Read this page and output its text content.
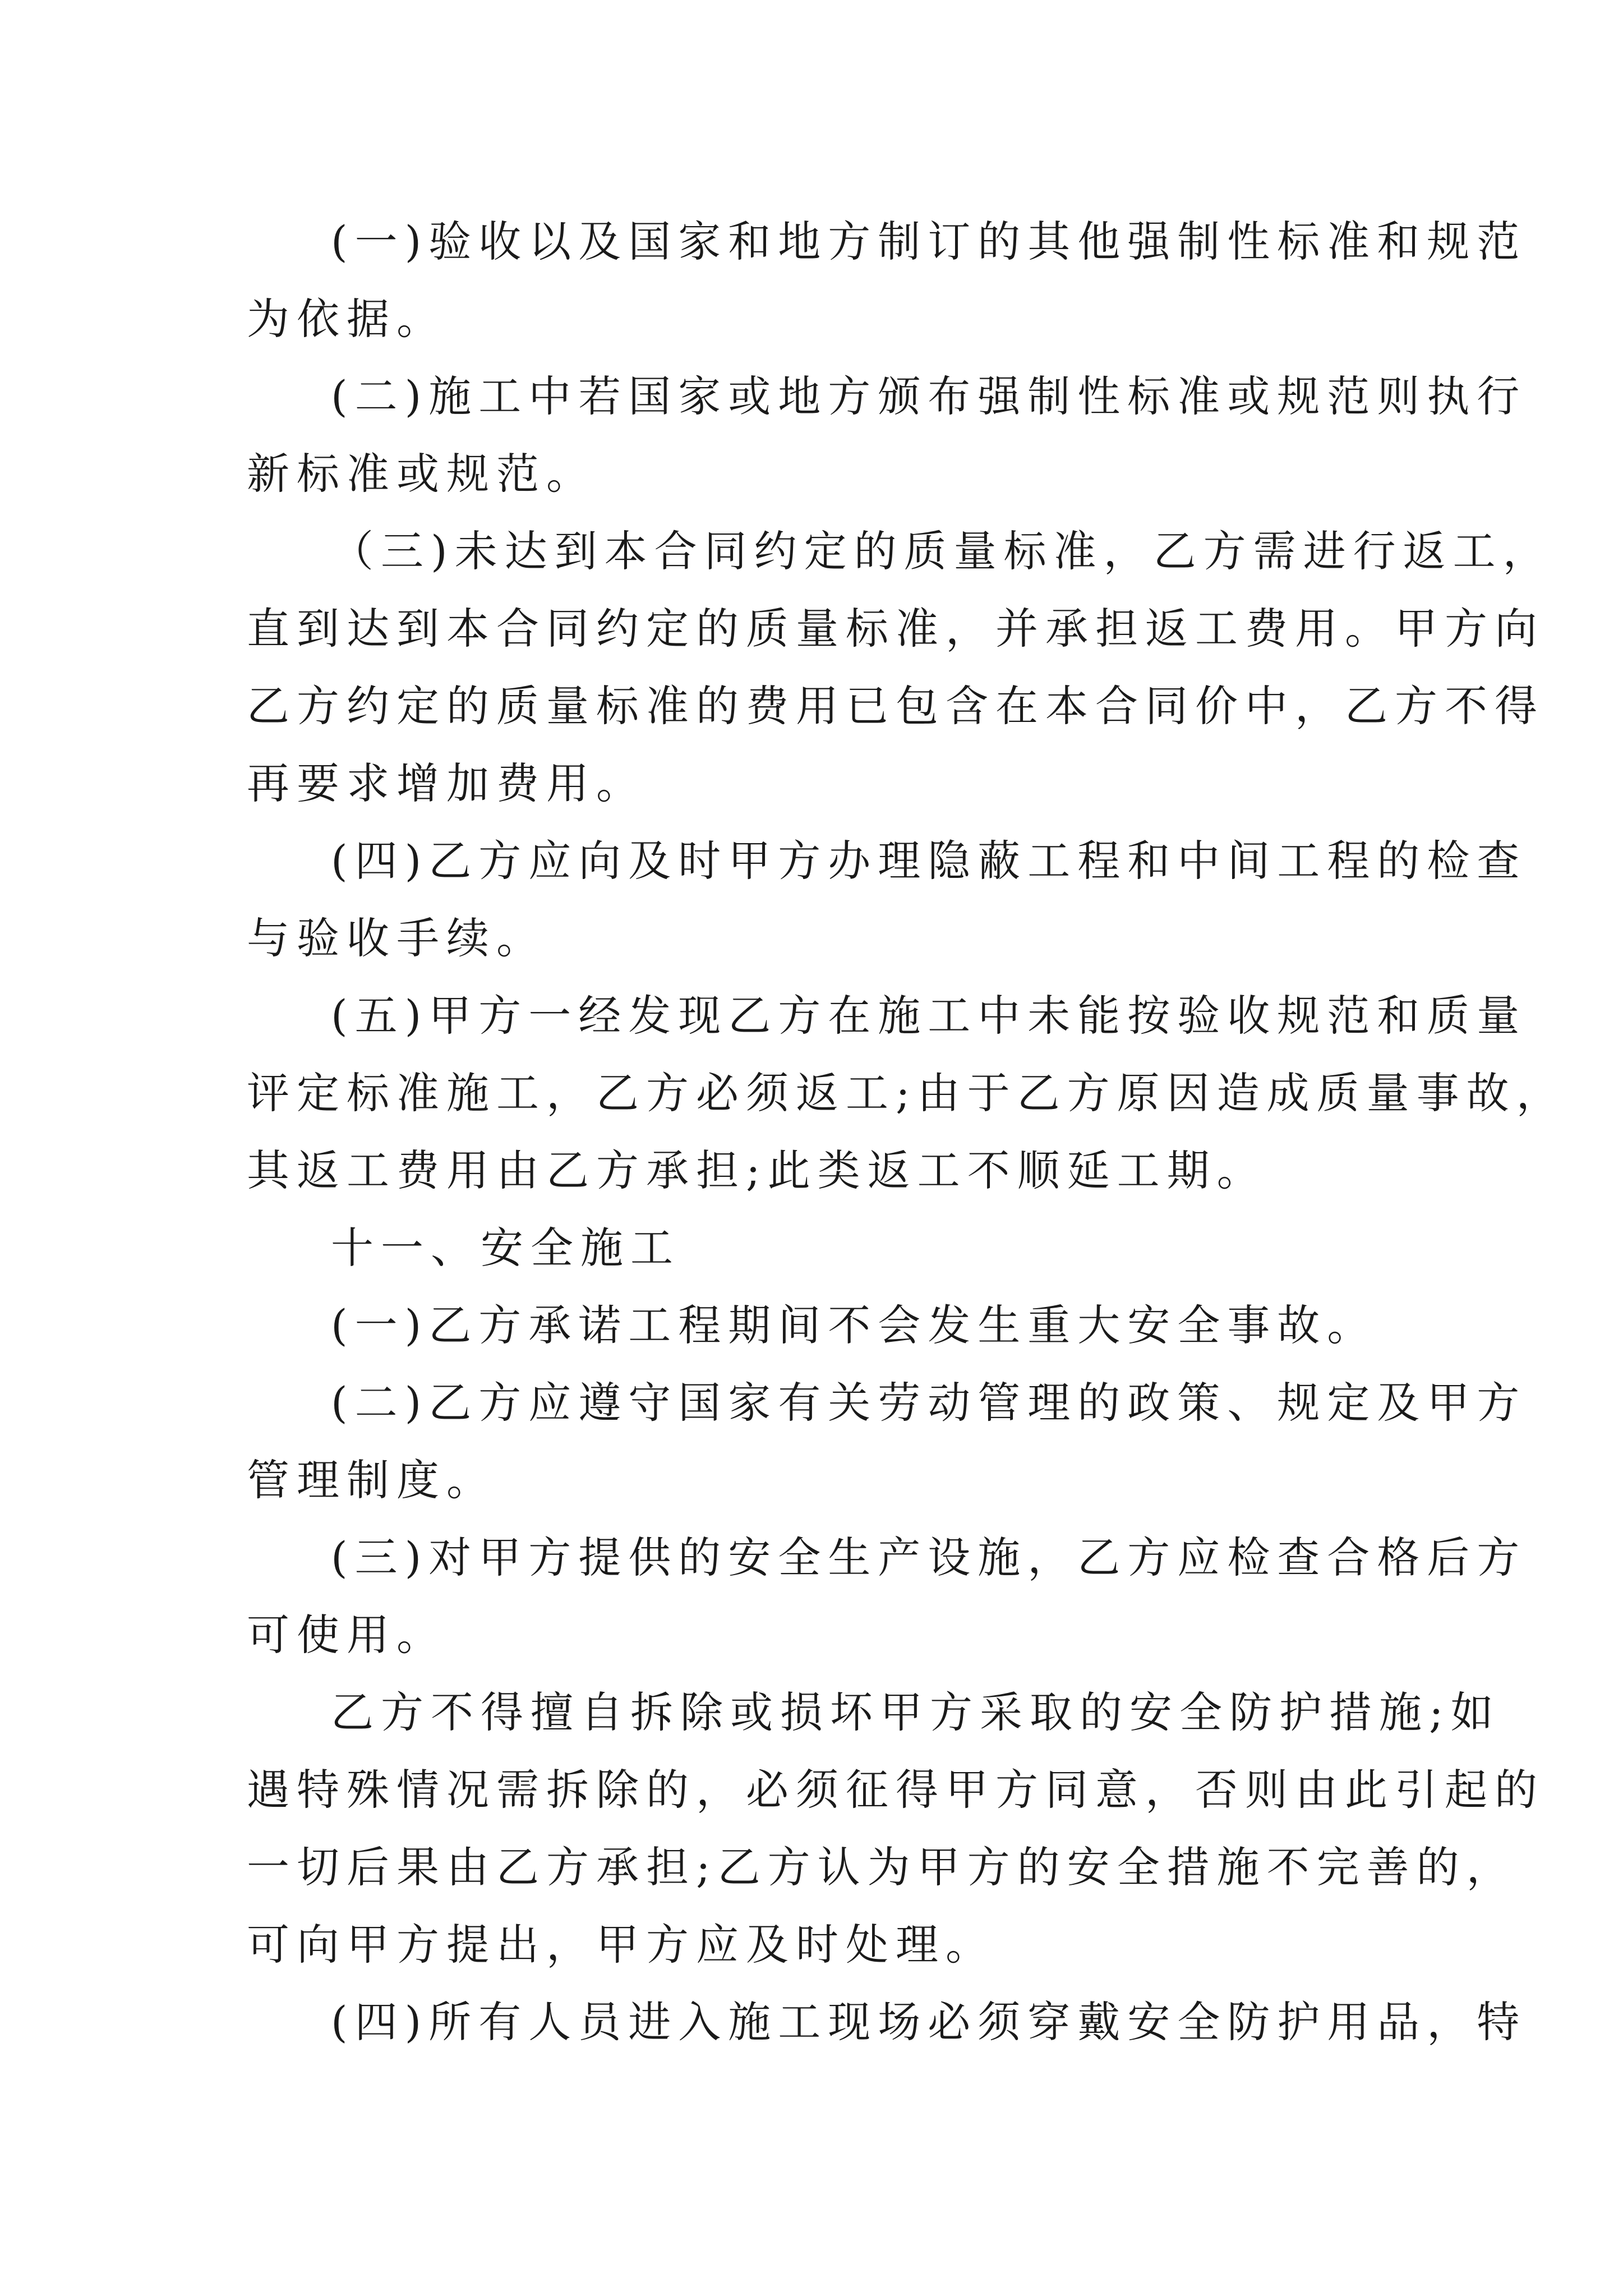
(一)验收以及国家和地方制订的其他强制性标准和规范
为依据。
(二)施工中若国家或地方颁布强制性标准或规范则执行
新标准或规范。
（三)未达到本合同约定的质量标准，乙方需进行返工，
直到达到本合同约定的质量标准，并承担返工费用。甲方向
乙方约定的质量标准的费用已包含在本合同价中，乙方不得
再要求增加费用。
(四)乙方应向及时甲方办理隐蔽工程和中间工程的检查
与验收手续。
(五)甲方一经发现乙方在施工中未能按验收规范和质量
评定标准施工，乙方必须返工;由于乙方原因造成质量事故，
其返工费用由乙方承担;此类返工不顺延工期。
十一、安全施工
(一)乙方承诺工程期间不会发生重大安全事故。
(二)乙方应遵守国家有关劳动管理的政策、规定及甲方
管理制度。
(三)对甲方提供的安全生产设施，乙方应检查合格后方
可使用。
乙方不得擅自拆除或损坏甲方采取的安全防护措施;如
遇特殊情况需拆除的，必须征得甲方同意，否则由此引起的
一切后果由乙方承担;乙方认为甲方的安全措施不完善的，
可向甲方提出，甲方应及时处理。
(四)所有人员进入施工现场必须穿戴安全防护用品，特
